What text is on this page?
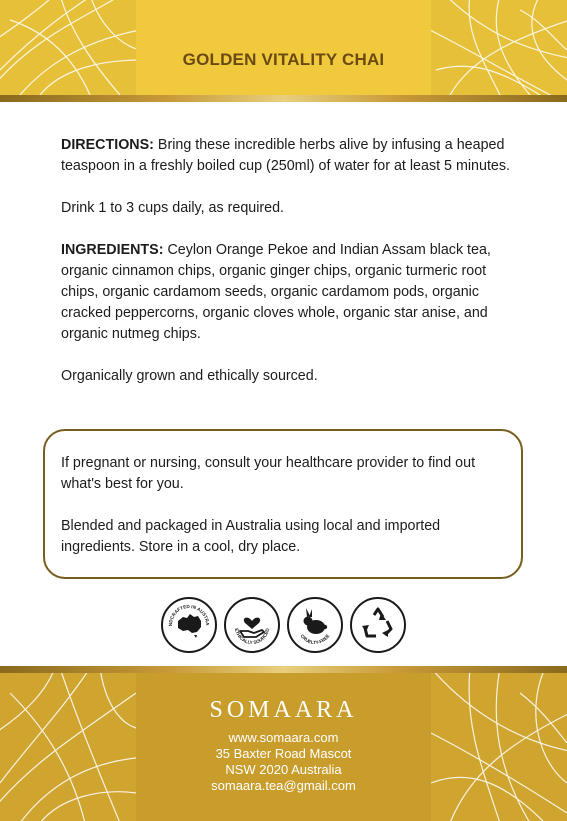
GOLDEN VITALITY CHAI

DIRECTIONS: Bring these incredible herbs alive by infusing a heaped teaspoon in a freshly boiled cup (250ml) of water for at least 5 minutes.

Drink 1 to 3 cups daily, as required.

INGREDIENTS: Ceylon Orange Pekoe and Indian Assam black tea, organic cinnamon chips, organic ginger chips, organic turmeric root chips, organic cardamom seeds, organic cardamom pods, organic cracked peppercorns, organic cloves whole, organic star anise, and organic nutmeg chips.

Organically grown and ethically sourced.

If pregnant or nursing, consult your healthcare provider to find out what's best for you.

Blended and packaged in Australia using local and imported ingredients. Store in a cool, dry place.

NDCRAFTED IN AUSTRA
ETHICALLY SOURCED
CRUELTY-FREE
SOMAARA
www.somaara.com
35 Baxter Road Mascot
NSW 2020 Australia
somaara.tea@gmail.com
